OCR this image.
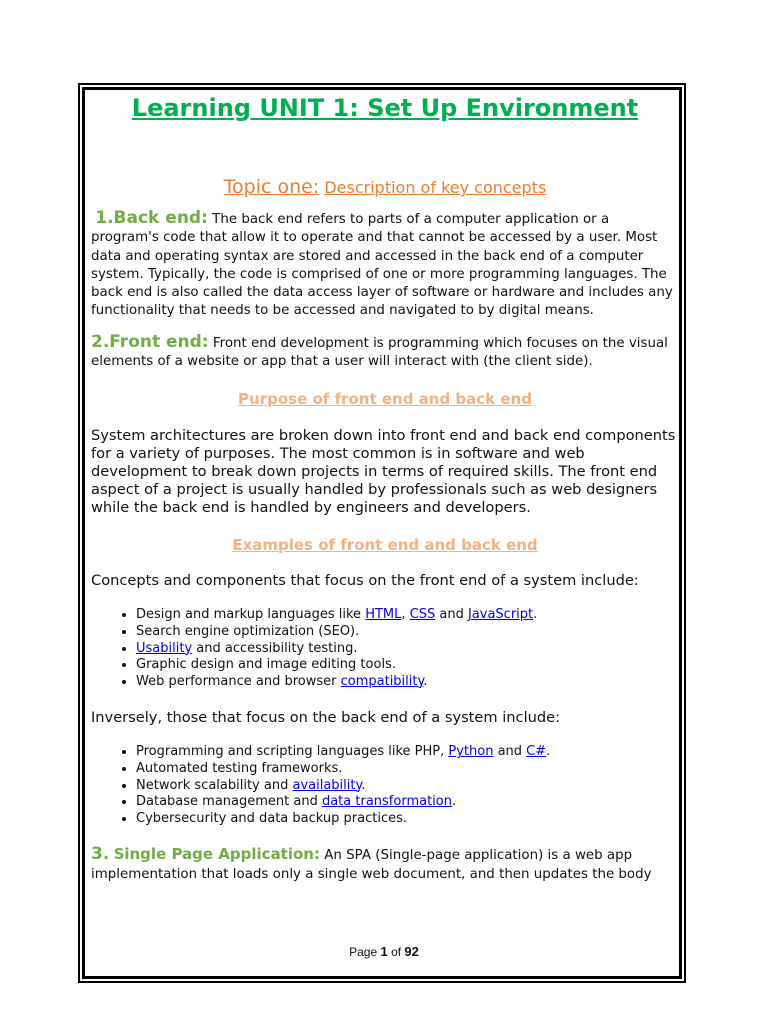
Learning UNIT 1: Set Up Environment
Topic one: Description of key concepts

1.Back end: The back end refers to parts of a computer application or a program's code that allow it to operate and that cannot be accessed by a user. Most data and operating syntax are stored and accessed in the back end of a computer system. Typically, the code is comprised of one or more programming languages. The back end is also called the data access layer of software or hardware and includes any functionality that needs to be accessed and navigated to by digital means.

2.Front end: Front end development is programming which focuses on the visual elements of a website or app that a user will interact with (the client side).

Purpose of front end and back end

System architectures are broken down into front end and back end components for a variety of purposes. The most common is in software and web development to break down projects in terms of required skills. The front end aspect of a project is usually handled by professionals such as web designers while the back end is handled by engineers and developers.

Examples of front end and back end

Concepts and components that focus on the front end of a system include:

• Design and markup languages like HTML, CSS and JavaScript.
• Search engine optimization (SEO).
• Usability and accessibility testing.
• Graphic design and image editing tools.
• Web performance and browser compatibility.

Inversely, those that focus on the back end of a system include:

• Programming and scripting languages like PHP, Python and C#.
• Automated testing frameworks.
• Network scalability and availability.
• Database management and data transformation.
• Cybersecurity and data backup practices.

3. Single Page Application: An SPA (Single-page application) is a web app implementation that loads only a single web document, and then updates the body

Page 1 of 92
